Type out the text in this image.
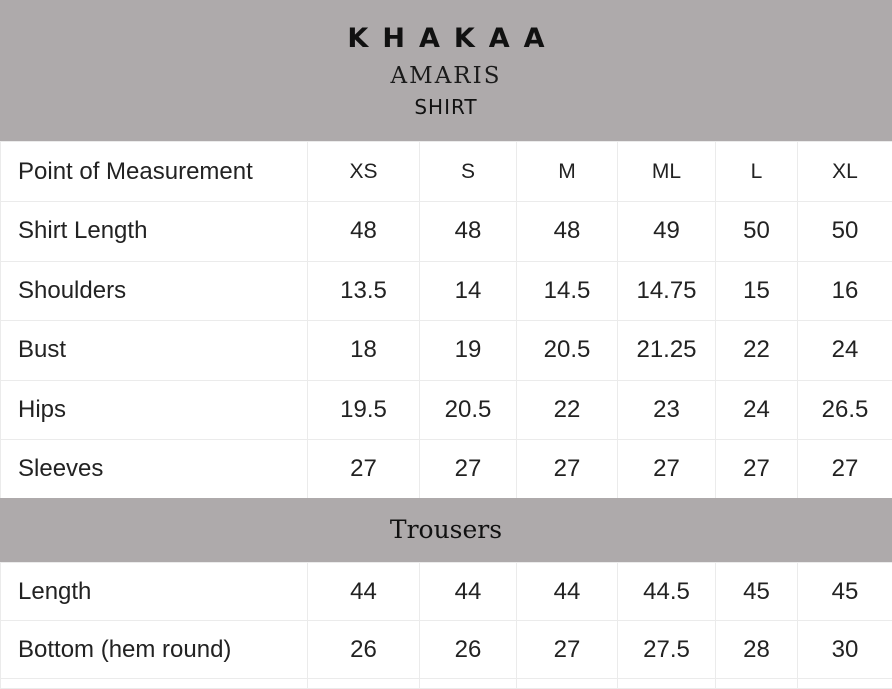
KHAKAA
AMARIS
SHIRT
Point of Measurement	XS	S	M	ML	L	XL
Shirt Length	48	48	48	49	50	50
Shoulders	13.5	14	14.5	14.75	15	16
Bust	18	19	20.5	21.25	22	24
Hips	19.5	20.5	22	23	24	26.5
Sleeves	27	27	27	27	27	27
Trousers
Length	44	44	44	44.5	45	45
Bottom (hem round)	26	26	27	27.5	28	30
